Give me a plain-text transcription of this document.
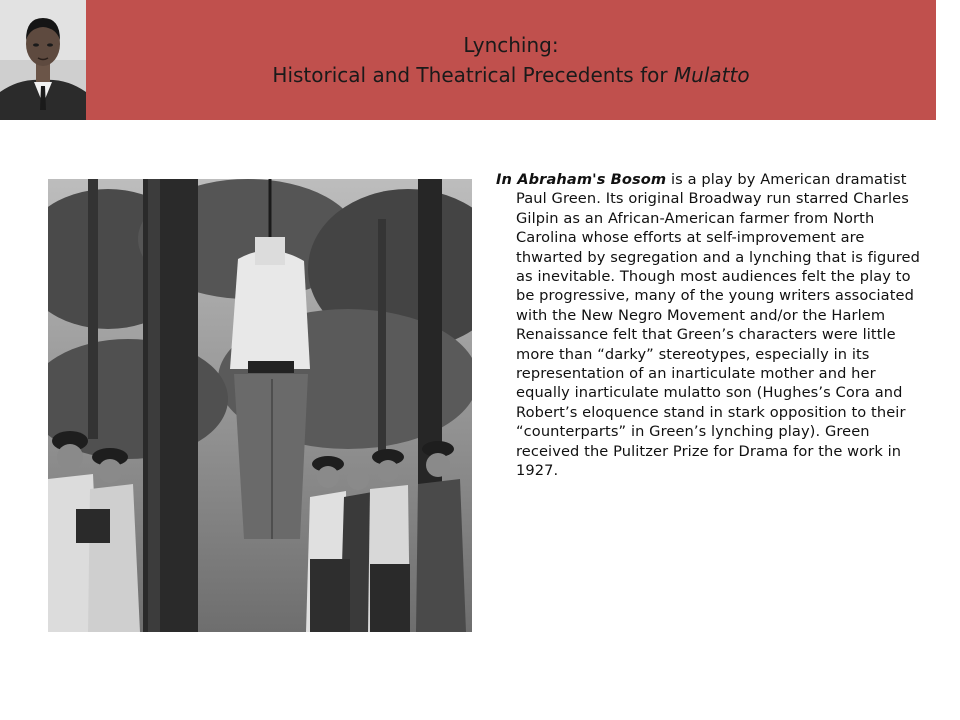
Lynching:
Historical and Theatrical Precedents for Mulatto

In Abraham's Bosom is a play by American dramatist Paul Green. Its original Broadway run starred Charles Gilpin as an African-American farmer from North Carolina whose efforts at self-improvement are thwarted by segregation and a lynching that is figured as inevitable. Though most audiences felt the play to be progressive, many of the young writers associated with the New Negro Movement and/or the Harlem Renaissance felt that Green’s characters were little more than “darky” stereotypes, especially in its representation of an inarticulate mother and her equally inarticulate mulatto son (Hughes’s Cora and Robert’s eloquence stand in stark opposition to their “counterparts” in Green’s lynching play). Green received the Pulitzer Prize for Drama for the work in 1927.
